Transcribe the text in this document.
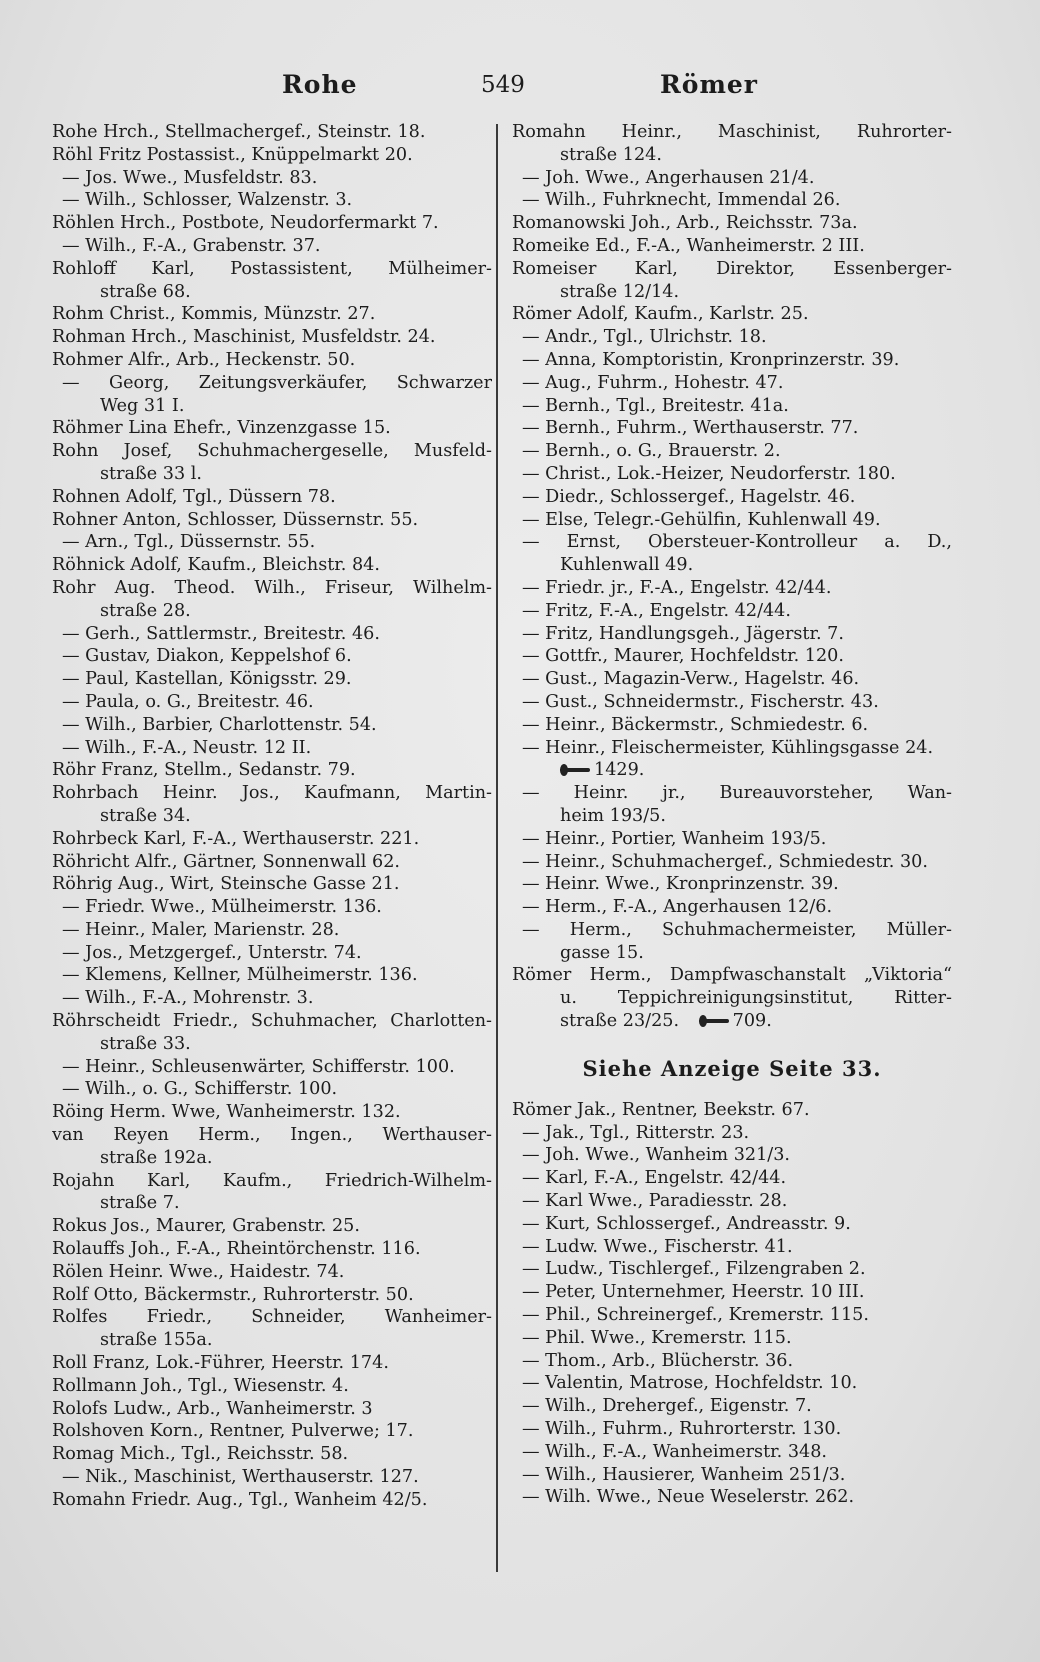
Rohe	549	Römer
Rohe Hrch., Stellmachergef., Steinstr. 18.
Röhl Fritz Postassist., Knüppelmarkt 20.
— Jos. Wwe., Musfeldstr. 83.
— Wilh., Schlosser, Walzenstr. 3.
Röhlen Hrch., Postbote, Neudorfermarkt 7.
— Wilh., F.-A., Grabenstr. 37.
Rohloff Karl, Postassistent, Mülheimer-
straße 68.
Rohm Christ., Kommis, Münzstr. 27.
Rohman Hrch., Maschinist, Musfeldstr. 24.
Rohmer Alfr., Arb., Heckenstr. 50.
— Georg, Zeitungsverkäufer, Schwarzer
Weg 31 I.
Röhmer Lina Ehefr., Vinzenzgasse 15.
Rohn Josef, Schuhmachergeselle, Musfeld-
straße 33 l.
Rohnen Adolf, Tgl., Düssern 78.
Rohner Anton, Schlosser, Düssernstr. 55.
— Arn., Tgl., Düssernstr. 55.
Röhnick Adolf, Kaufm., Bleichstr. 84.
Rohr Aug. Theod. Wilh., Friseur, Wilhelm-
straße 28.
— Gerh., Sattlermstr., Breitestr. 46.
— Gustav, Diakon, Keppelshof 6.
— Paul, Kastellan, Königsstr. 29.
— Paula, o. G., Breitestr. 46.
— Wilh., Barbier, Charlottenstr. 54.
— Wilh., F.-A., Neustr. 12 II.
Röhr Franz, Stellm., Sedanstr. 79.
Rohrbach Heinr. Jos., Kaufmann, Martin-
straße 34.
Rohrbeck Karl, F.-A., Werthauserstr. 221.
Röhricht Alfr., Gärtner, Sonnenwall 62.
Röhrig Aug., Wirt, Steinsche Gasse 21.
— Friedr. Wwe., Mülheimerstr. 136.
— Heinr., Maler, Marienstr. 28.
— Jos., Metzgergef., Unterstr. 74.
— Klemens, Kellner, Mülheimerstr. 136.
— Wilh., F.-A., Mohrenstr. 3.
Röhrscheidt Friedr., Schuhmacher, Charlotten-
straße 33.
— Heinr., Schleusenwärter, Schifferstr. 100.
— Wilh., o. G., Schifferstr. 100.
Röing Herm. Wwe, Wanheimerstr. 132.
van Reyen Herm., Ingen., Werthauser-
straße 192a.
Rojahn Karl, Kaufm., Friedrich-Wilhelm-
straße 7.
Rokus Jos., Maurer, Grabenstr. 25.
Rolauffs Joh., F.-A., Rheintörchenstr. 116.
Rölen Heinr. Wwe., Haidestr. 74.
Rolf Otto, Bäckermstr., Ruhrorterstr. 50.
Rolfes Friedr., Schneider, Wanheimer-
straße 155a.
Roll Franz, Lok.-Führer, Heerstr. 174.
Rollmann Joh., Tgl., Wiesenstr. 4.
Rolofs Ludw., Arb., Wanheimerstr. 3
Rolshoven Korn., Rentner, Pulverwe; 17.
Romag Mich., Tgl., Reichsstr. 58.
— Nik., Maschinist, Werthauserstr. 127.
Romahn Friedr. Aug., Tgl., Wanheim 42/5.
Romahn Heinr., Maschinist, Ruhrorter-
straße 124.
— Joh. Wwe., Angerhausen 21/4.
— Wilh., Fuhrknecht, Immendal 26.
Romanowski Joh., Arb., Reichsstr. 73a.
Romeike Ed., F.-A., Wanheimerstr. 2 III.
Romeiser Karl, Direktor, Essenberger-
straße 12/14.
Römer Adolf, Kaufm., Karlstr. 25.
— Andr., Tgl., Ulrichstr. 18.
— Anna, Komptoristin, Kronprinzerstr. 39.
— Aug., Fuhrm., Hohestr. 47.
— Bernh., Tgl., Breitestr. 41a.
— Bernh., Fuhrm., Werthauserstr. 77.
— Bernh., o. G., Brauerstr. 2.
— Christ., Lok.-Heizer, Neudorferstr. 180.
— Diedr., Schlossergef., Hagelstr. 46.
— Else, Telegr.-Gehülfin, Kuhlenwall 49.
— Ernst, Obersteuer-Kontrolleur a. D.,
Kuhlenwall 49.
— Friedr. jr., F.-A., Engelstr. 42/44.
— Fritz, F.-A., Engelstr. 42/44.
— Fritz, Handlungsgeh., Jägerstr. 7.
— Gottfr., Maurer, Hochfeldstr. 120.
— Gust., Magazin-Verw., Hagelstr. 46.
— Gust., Schneidermstr., Fischerstr. 43.
— Heinr., Bäckermstr., Schmiedestr. 6.
— Heinr., Fleischermeister, Kühlingsgasse 24.
1429.
— Heinr. jr., Bureauvorsteher, Wan-
heim 193/5.
— Heinr., Portier, Wanheim 193/5.
— Heinr., Schuhmachergef., Schmiedestr. 30.
— Heinr. Wwe., Kronprinzenstr. 39.
— Herm., F.-A., Angerhausen 12/6.
— Herm., Schuhmachermeister, Müller-
gasse 15.
Römer Herm., Dampfwaschanstalt „Viktoria“
u. Teppichreinigungsinstitut, Ritter-
straße 23/25.	709.
Siehe Anzeige Seite 33.
Römer Jak., Rentner, Beekstr. 67.
— Jak., Tgl., Ritterstr. 23.
— Joh. Wwe., Wanheim 321/3.
— Karl, F.-A., Engelstr. 42/44.
— Karl Wwe., Paradiesstr. 28.
— Kurt, Schlossergef., Andreasstr. 9.
— Ludw. Wwe., Fischerstr. 41.
— Ludw., Tischlergef., Filzengraben 2.
— Peter, Unternehmer, Heerstr. 10 III.
— Phil., Schreinergef., Kremerstr. 115.
— Phil. Wwe., Kremerstr. 115.
— Thom., Arb., Blücherstr. 36.
— Valentin, Matrose, Hochfeldstr. 10.
— Wilh., Drehergef., Eigenstr. 7.
— Wilh., Fuhrm., Ruhrorterstr. 130.
— Wilh., F.-A., Wanheimerstr. 348.
— Wilh., Hausierer, Wanheim 251/3.
— Wilh. Wwe., Neue Weselerstr. 262.
